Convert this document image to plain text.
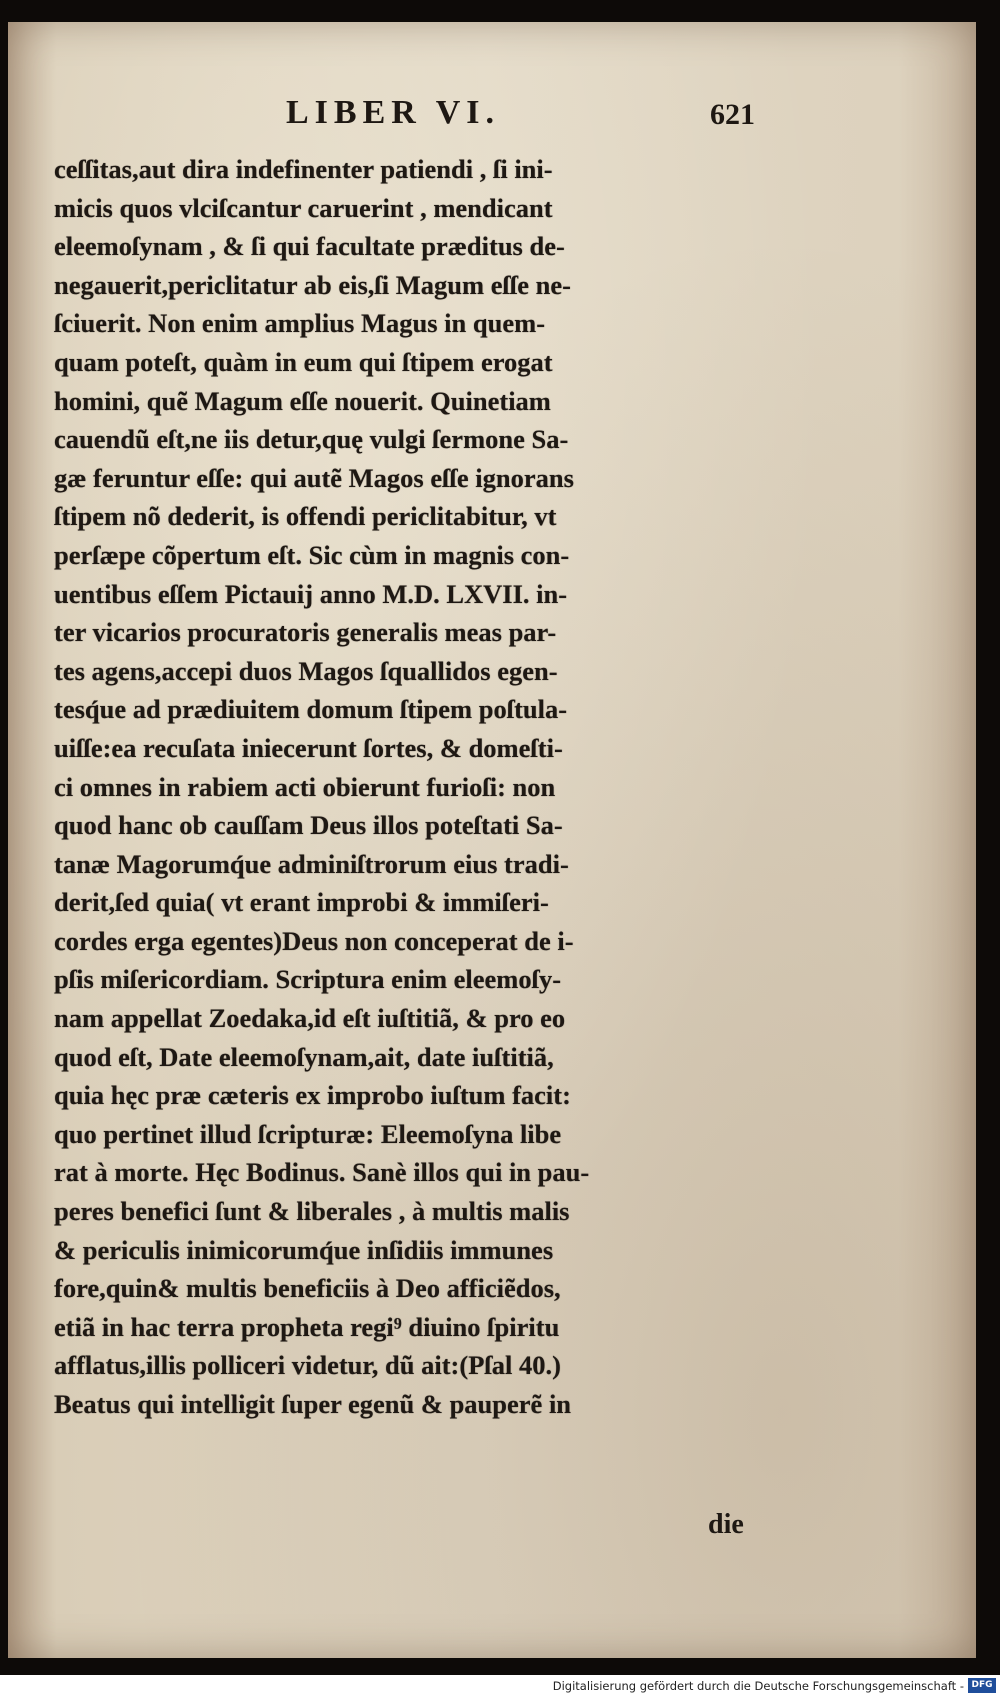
LIBER VI.	621
ceſſitas,aut dira indefinenter patiendi , ſi ini-
micis quos vlciſcantur caruerint , mendicant
eleemoſynam , & ſi qui facultate præditus de-
negauerit,periclitatur ab eis,ſi Magum eſſe ne-
ſciuerit. Non enim amplius Magus in quem-
quam poteſt, quàm in eum qui ſtipem erogat
homini, quẽ Magum eſſe nouerit. Quinetiam
cauendũ eſt,ne iis detur,quę vulgi ſermone Sa-
gæ feruntur eſſe: qui autẽ Magos eſſe ignorans
ſtipem nõ dederit, is offendi periclitabitur, vt
perſæpe cõpertum eſt. Sic cùm in magnis con-
uentibus eſſem Pictauij anno M.D. LXVII. in-
ter vicarios procuratoris generalis meas par-
tes agens,accepi duos Magos ſquallidos egen-
tesq́ue ad prædiuitem domum ſtipem poſtula-
uiſſe:ea recuſata iniecerunt ſortes, & domeſti-
ci omnes in rabiem acti obierunt furioſi: non
quod hanc ob cauſſam Deus illos poteſtati Sa-
tanæ Magorumq́ue adminiſtrorum eius tradi-
derit,ſed quia( vt erant improbi & immiſeri-
cordes erga egentes)Deus non conceperat de i-
pſis miſericordiam. Scriptura enim eleemoſy-
nam appellat Zoedaka,id eſt iuſtitiã, & pro eo
quod eſt, Date eleemoſynam,ait, date iuſtitiã,
quia hęc præ cæteris ex improbo iuſtum facit:
quo pertinet illud ſcripturæ: Eleemoſyna libe
rat à morte. Hęc Bodinus. Sanè illos qui in pau-
peres benefici ſunt & liberales , à multis malis
& periculis inimicorumq́ue inſidiis immunes
fore,quin& multis beneficiis à Deo afficiẽdos,
etiã in hac terra propheta regi⁹ diuino ſpiritu
afflatus,illis polliceri videtur, dũ ait:(Pſal 40.)
Beatus qui intelligit ſuper egenũ & pauperẽ in
die
Digitalisierung gefördert durch die Deutsche Forschungsgemeinschaft - DFG
